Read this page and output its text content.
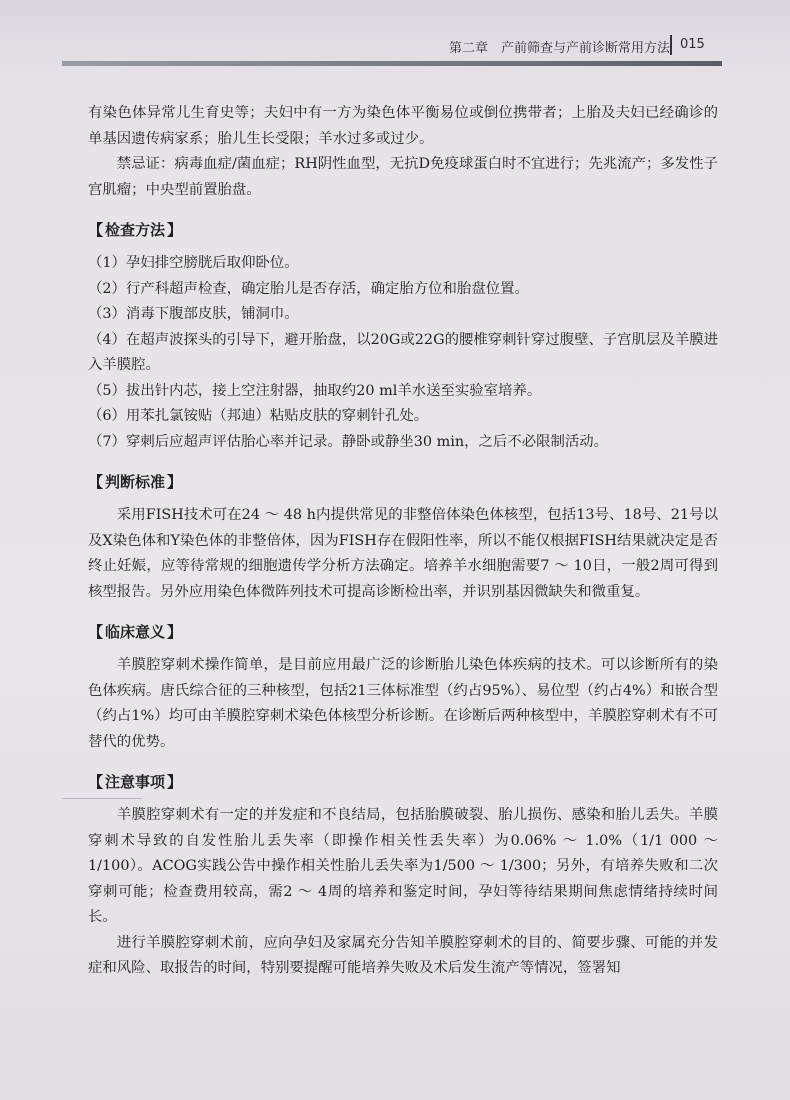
第二章　产前筛查与产前诊断常用方法 015

有染色体异常儿生育史等；夫妇中有一方为染色体平衡易位或倒位携带者；上胎及夫妇已经确诊的单基因遗传病家系；胎儿生长受限；羊水过多或过少。

禁忌证：病毒血症/菌血症；RH阴性血型，无抗D免疫球蛋白时不宜进行；先兆流产；多发性子宫肌瘤；中央型前置胎盘。

【 检查方法 】

（1）孕妇排空膀胱后取仰卧位。

（2）行产科超声检查，确定胎儿是否存活，确定胎方位和胎盘位置。

（3）消毒下腹部皮肤，铺洞巾。

（4）在超声波探头的引导下，避开胎盘，以20G或22G的腰椎穿刺针穿过腹壁、子宫肌层及羊膜进入羊膜腔。

（5）拔出针内芯，接上空注射器，抽取约20 ml羊水送至实验室培养。

（6）用苯扎氯铵贴（邦迪）粘贴皮肤的穿刺针孔处。

（7）穿刺后应超声评估胎心率并记录。静卧或静坐30 min，之后不必限制活动。

【 判断标准 】

采用FISH技术可在24 ～ 48 h内提供常见的非整倍体染色体核型，包括13号、18号、21号以及X染色体和Y染色体的非整倍体，因为FISH存在假阳性率，所以不能仅根据FISH结果就决定是否终止妊娠，应等待常规的细胞遗传学分析方法确定。培养羊水细胞需要7 ～ 10日，一般2周可得到核型报告。另外应用染色体微阵列技术可提高诊断检出率，并识别基因微缺失和微重复。

【 临床意义 】

羊膜腔穿刺术操作简单，是目前应用最广泛的诊断胎儿染色体疾病的技术。可以诊断所有的染色体疾病。唐氏综合征的三种核型，包括21三体标准型（约占95%）、易位型（约占4%）和嵌合型（约占1%）均可由羊膜腔穿刺术染色体核型分析诊断。在诊断后两种核型中，羊膜腔穿刺术有不可替代的优势。

【 注意事项 】

羊膜腔穿刺术有一定的并发症和不良结局，包括胎膜破裂、胎儿损伤、感染和胎儿丢失。羊膜穿刺术导致的自发性胎儿丢失率（即操作相关性丢失率）为0.06% ～ 1.0%（1/1 000 ～ 1/100）。ACOG实践公告中操作相关性胎儿丢失率为1/500 ～ 1/300；另外，有培养失败和二次穿刺可能；检查费用较高，需2 ～ 4周的培养和鉴定时间，孕妇等待结果期间焦虑情绪持续时间长。

进行羊膜腔穿刺术前，应向孕妇及家属充分告知羊膜腔穿刺术的目的、简要步骤、可能的并发症和风险、取报告的时间，特别要提醒可能培养失败及术后发生流产等情况，签署知
